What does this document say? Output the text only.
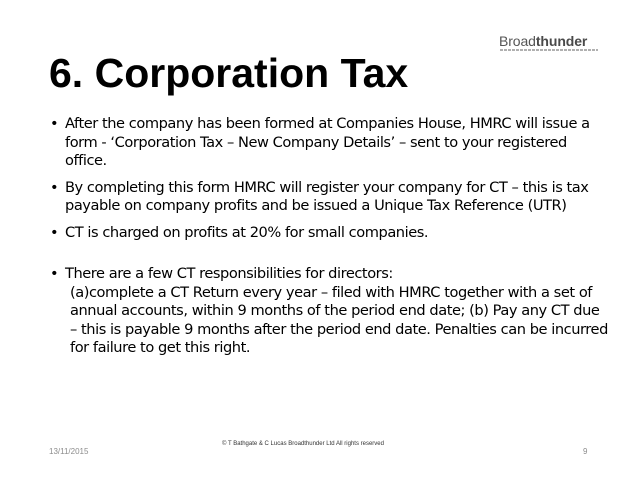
Broadthunder
6. Corporation Tax
• After the company has been formed at Companies House, HMRC will issue a form - ‘Corporation Tax – New Company Details’ – sent to your registered office.
• By completing this form HMRC will register your company for CT – this is tax payable on company profits and be issued a Unique Tax Reference (UTR)
• CT is charged on profits at 20% for small companies.
• There are a few CT responsibilities for directors:
(a)complete a CT Return every year – filed with HMRC together with a set of annual accounts, within 9 months of the period end date; (b) Pay any CT due – this is payable 9 months after the period end date. Penalties can be incurred for failure to get this right.
13/11/2015
© T Bathgate & C Lucas Broadthunder Ltd All rights reserved
9
